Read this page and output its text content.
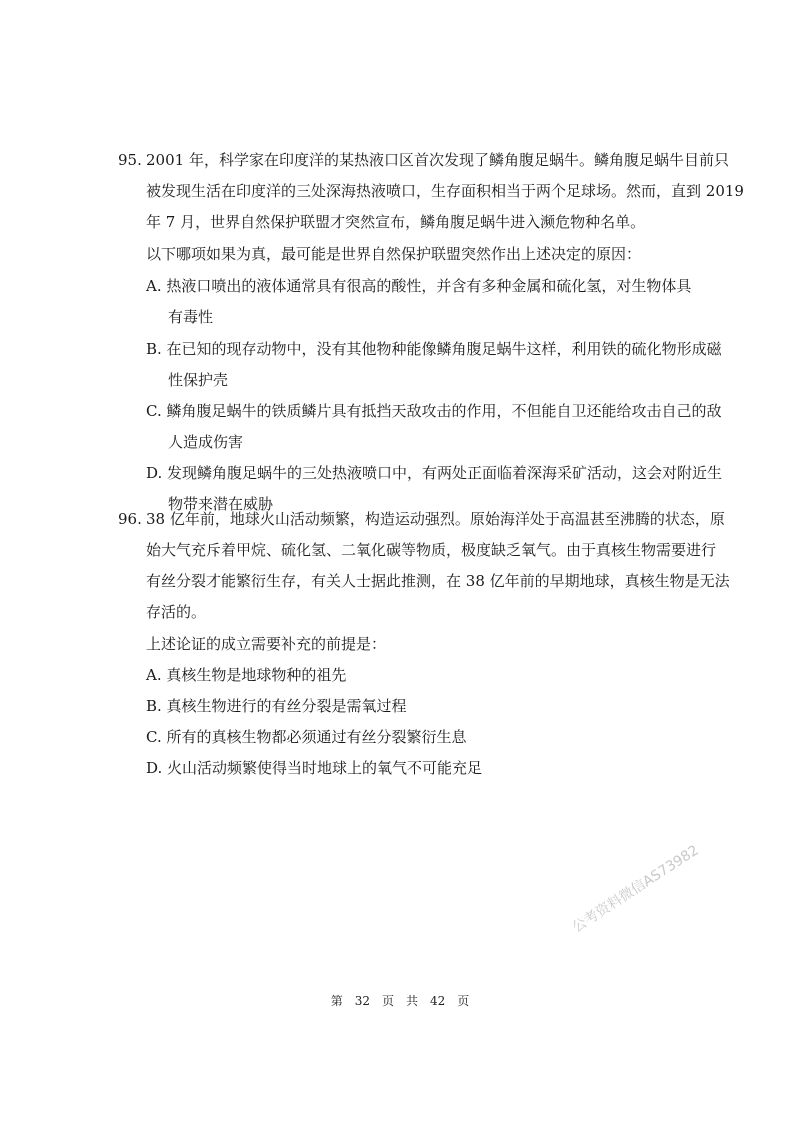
95. 2001 年，科学家在印度洋的某热液口区首次发现了鳞角腹足蜗牛。鳞角腹足蜗牛目前只
被发现生活在印度洋的三处深海热液喷口，生存面积相当于两个足球场。然而，直到 2019
年 7 月，世界自然保护联盟才突然宣布，鳞角腹足蜗牛进入濒危物种名单。
以下哪项如果为真，最可能是世界自然保护联盟突然作出上述决定的原因：
A. 热液口喷出的液体通常具有很高的酸性，并含有多种金属和硫化氢，对生物体具
有毒性
B. 在已知的现存动物中，没有其他物种能像鳞角腹足蜗牛这样，利用铁的硫化物形成磁
性保护壳
C. 鳞角腹足蜗牛的铁质鳞片具有抵挡天敌攻击的作用，不但能自卫还能给攻击自己的敌
人造成伤害
D. 发现鳞角腹足蜗牛的三处热液喷口中，有两处正面临着深海采矿活动，这会对附近生
物带来潜在威胁
96. 38 亿年前，地球火山活动频繁，构造运动强烈。原始海洋处于高温甚至沸腾的状态，原
始大气充斥着甲烷、硫化氢、二氧化碳等物质，极度缺乏氧气。由于真核生物需要进行
有丝分裂才能繁衍生存，有关人士据此推测，在 38 亿年前的早期地球，真核生物是无法
存活的。
上述论证的成立需要补充的前提是：
A. 真核生物是地球物种的祖先
B. 真核生物进行的有丝分裂是需氧过程
C. 所有的真核生物都必须通过有丝分裂繁衍生息
D. 火山活动频繁使得当时地球上的氧气不可能充足
公考资料微信AS73982
第 32 页　共 42 页
